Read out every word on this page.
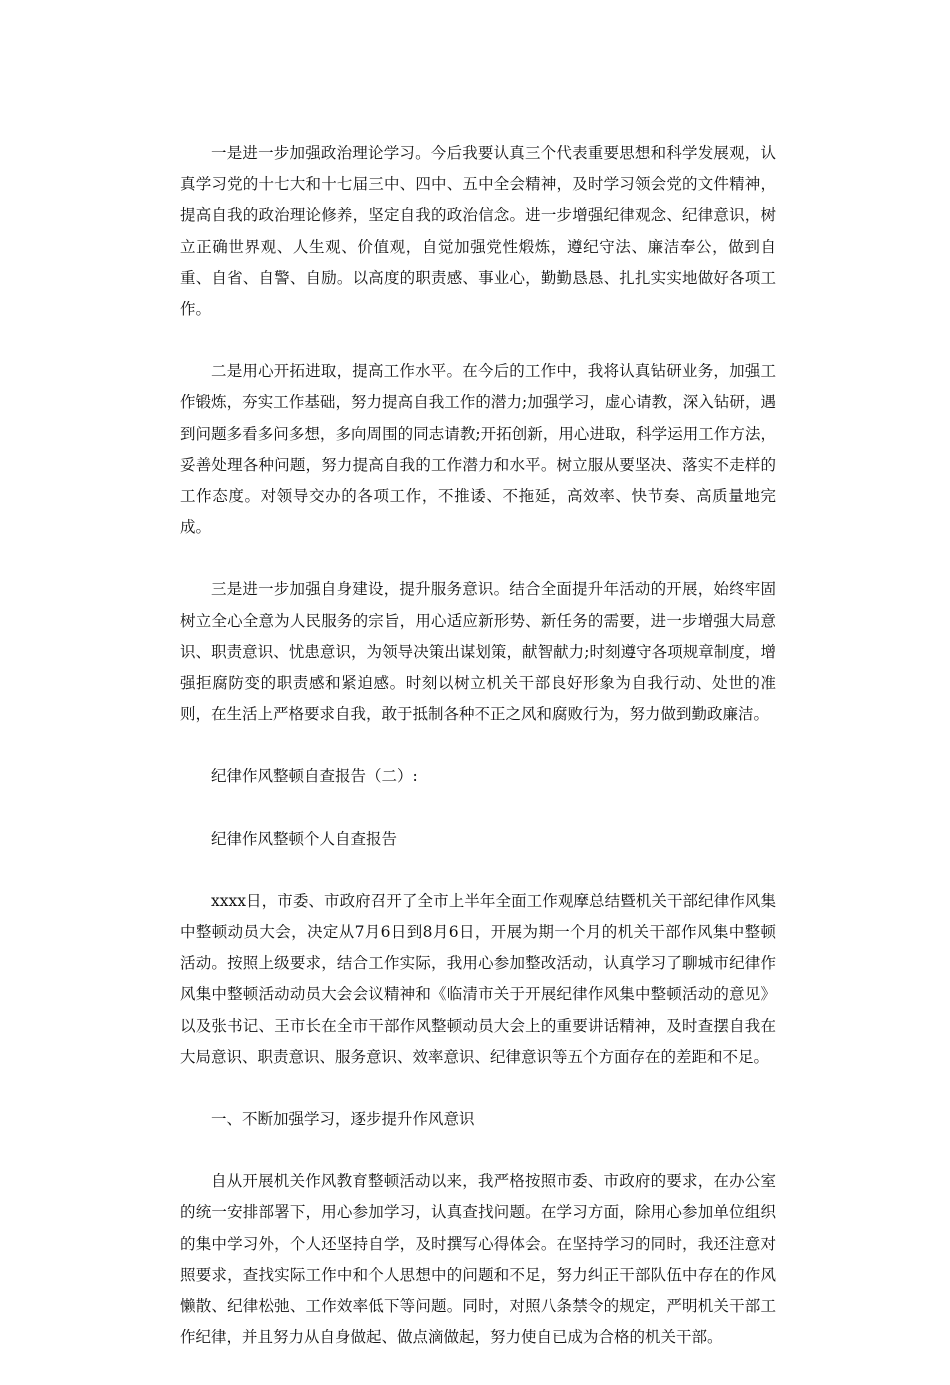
一是进一步加强政治理论学习。今后我要认真三个代表重要思想和科学发展观，认真学习党的十七大和十七届三中、四中、五中全会精神，及时学习领会党的文件精神，提高自我的政治理论修养，坚定自我的政治信念。进一步增强纪律观念、纪律意识，树立正确世界观、人生观、价值观，自觉加强党性煅炼，遵纪守法、廉洁奉公，做到自重、自省、自警、自励。以高度的职责感、事业心，勤勤恳恳、扎扎实实地做好各项工作。

二是用心开拓进取，提高工作水平。在今后的工作中，我将认真钻研业务，加强工作锻炼，夯实工作基础，努力提高自我工作的潜力;加强学习，虚心请教，深入钻研，遇到问题多看多问多想，多向周围的同志请教;开拓创新，用心进取，科学运用工作方法，妥善处理各种问题，努力提高自我的工作潜力和水平。树立服从要坚决、落实不走样的工作态度。对领导交办的各项工作，不推诿、不拖延，高效率、快节奏、高质量地完成。

三是进一步加强自身建设，提升服务意识。结合全面提升年活动的开展，始终牢固树立全心全意为人民服务的宗旨，用心适应新形势、新任务的需要，进一步增强大局意识、职责意识、忧患意识，为领导决策出谋划策，献智献力;时刻遵守各项规章制度，增强拒腐防变的职责感和紧迫感。时刻以树立机关干部良好形象为自我行动、处世的准则，在生活上严格要求自我，敢于抵制各种不正之风和腐败行为，努力做到勤政廉洁。

纪律作风整顿自查报告（二）:

纪律作风整顿个人自查报告

xxxx日，市委、市政府召开了全市上半年全面工作观摩总结暨机关干部纪律作风集中整顿动员大会，决定从7月6日到8月6日，开展为期一个月的机关干部作风集中整顿活动。按照上级要求，结合工作实际，我用心参加整改活动，认真学习了聊城市纪律作风集中整顿活动动员大会会议精神和《临清市关于开展纪律作风集中整顿活动的意见》以及张书记、王市长在全市干部作风整顿动员大会上的重要讲话精神，及时查摆自我在大局意识、职责意识、服务意识、效率意识、纪律意识等五个方面存在的差距和不足。

一、不断加强学习，逐步提升作风意识

自从开展机关作风教育整顿活动以来，我严格按照市委、市政府的要求，在办公室的统一安排部署下，用心参加学习，认真查找问题。在学习方面，除用心参加单位组织的集中学习外，个人还坚持自学，及时撰写心得体会。在坚持学习的同时，我还注意对照要求，查找实际工作中和个人思想中的问题和不足，努力纠正干部队伍中存在的作风懒散、纪律松弛、工作效率低下等问题。同时，对照八条禁令的规定，严明机关干部工作纪律，并且努力从自身做起、做点滴做起，努力使自已成为合格的机关干部。
